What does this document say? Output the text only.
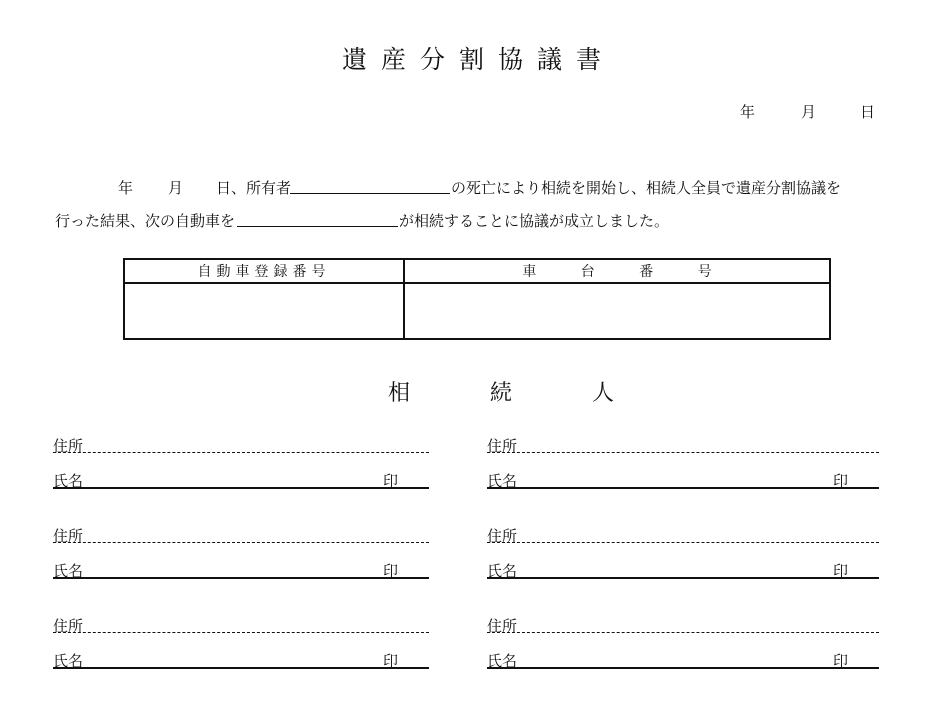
遺産分割協議書
年	月	日
年 月 日、所有者	の死亡により相続を開始し、相続人全員で遺産分割協議を
行った結果、次の自動車を	が相続することに協議が成立しました。
自動車登録番号	車 台 番 号

相	続	人
住所
氏名	印
住所
氏名	印
住所
氏名	印
住所
氏名	印
住所
氏名	印
住所
氏名	印
